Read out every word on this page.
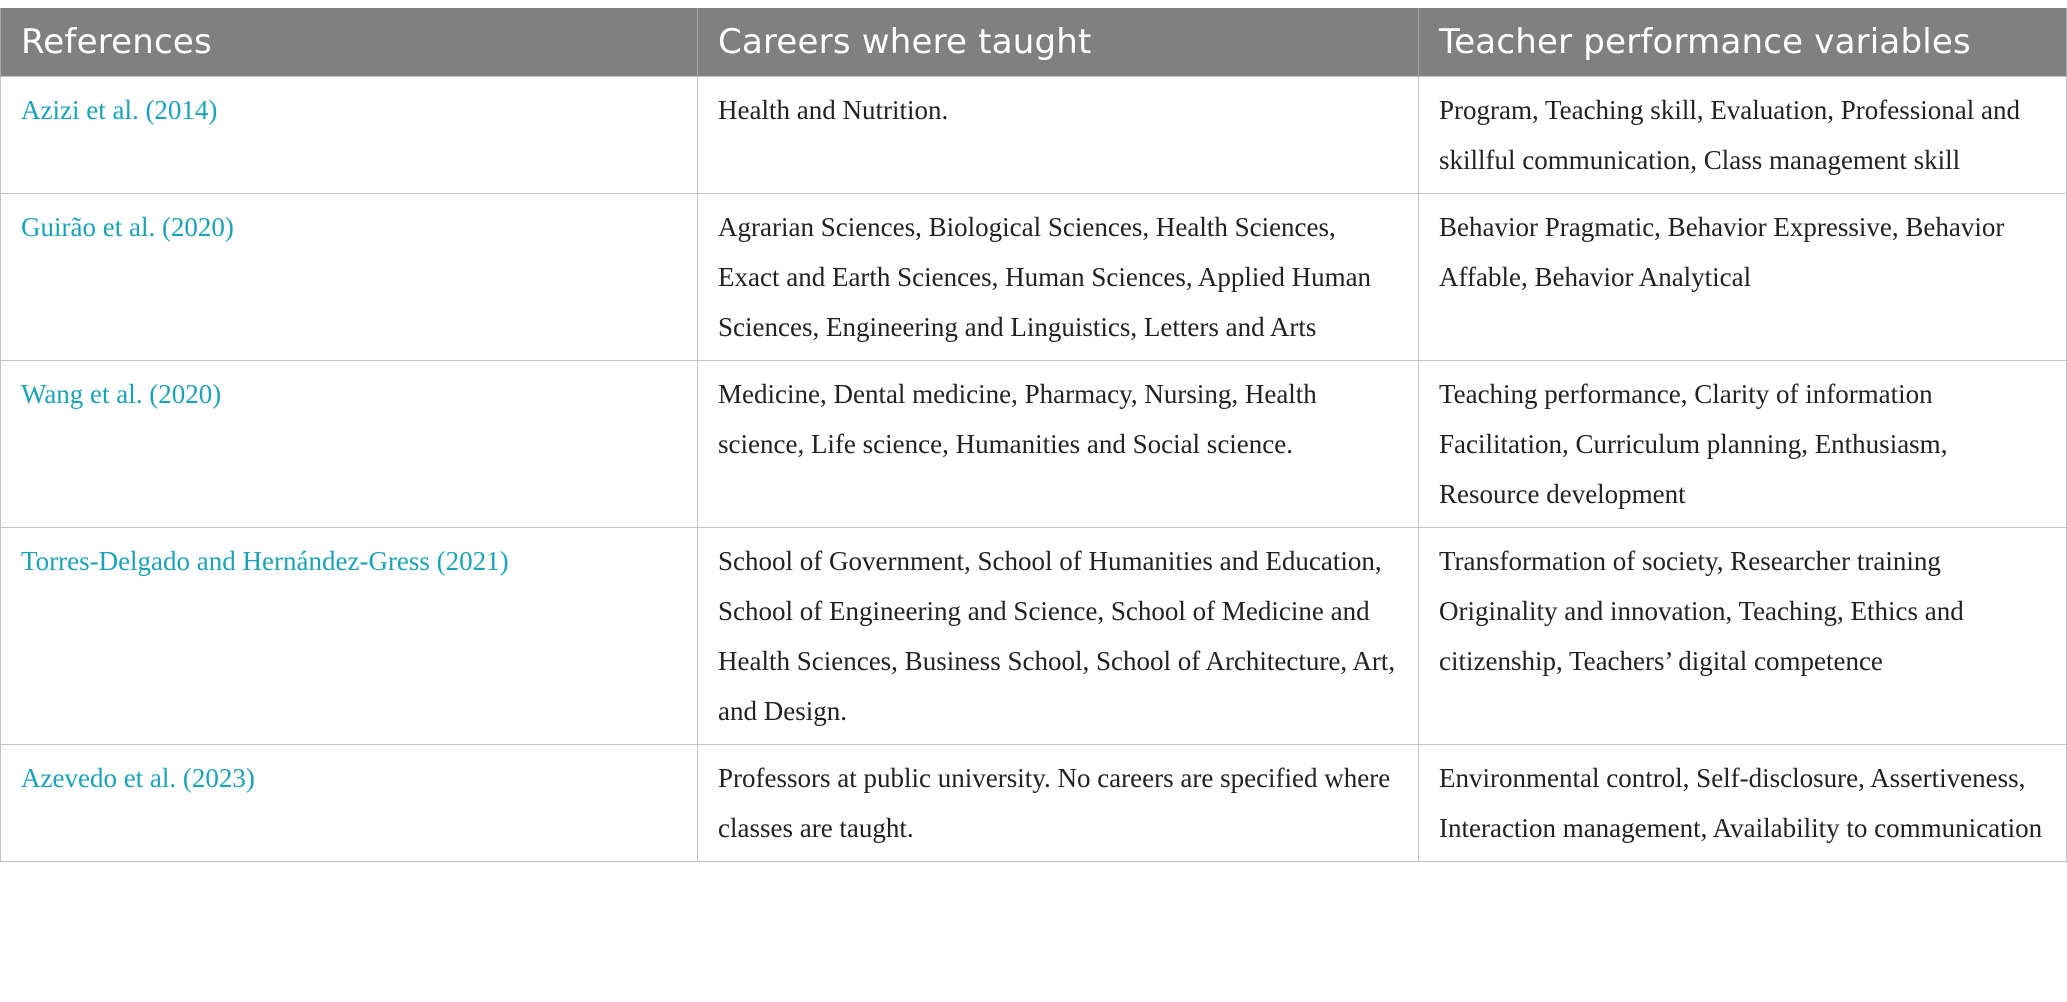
References	Careers where taught	Teacher performance variables
Azizi et al. (2014)	Health and Nutrition.	Program, Teaching skill, Evaluation, Professional and skillful communication, Class management skill
Guirão et al. (2020)	Agrarian Sciences, Biological Sciences, Health Sciences, Exact and Earth Sciences, Human Sciences, Applied Human Sciences, Engineering and Linguistics, Letters and Arts	Behavior Pragmatic, Behavior Expressive, Behavior Affable, Behavior Analytical
Wang et al. (2020)	Medicine, Dental medicine, Pharmacy, Nursing, Health science, Life science, Humanities and Social science.	Teaching performance, Clarity of information Facilitation, Curriculum planning, Enthusiasm, Resource development
Torres-Delgado and Hernández-Gress (2021)	School of Government, School of Humanities and Education, School of Engineering and Science, School of Medicine and Health Sciences, Business School, School of Architecture, Art, and Design.	Transformation of society, Researcher training Originality and innovation, Teaching, Ethics and citizenship, Teachers’ digital competence
Azevedo et al. (2023)	Professors at public university. No careers are specified where classes are taught.	Environmental control, Self-disclosure, Assertiveness, Interaction management, Availability to communication
